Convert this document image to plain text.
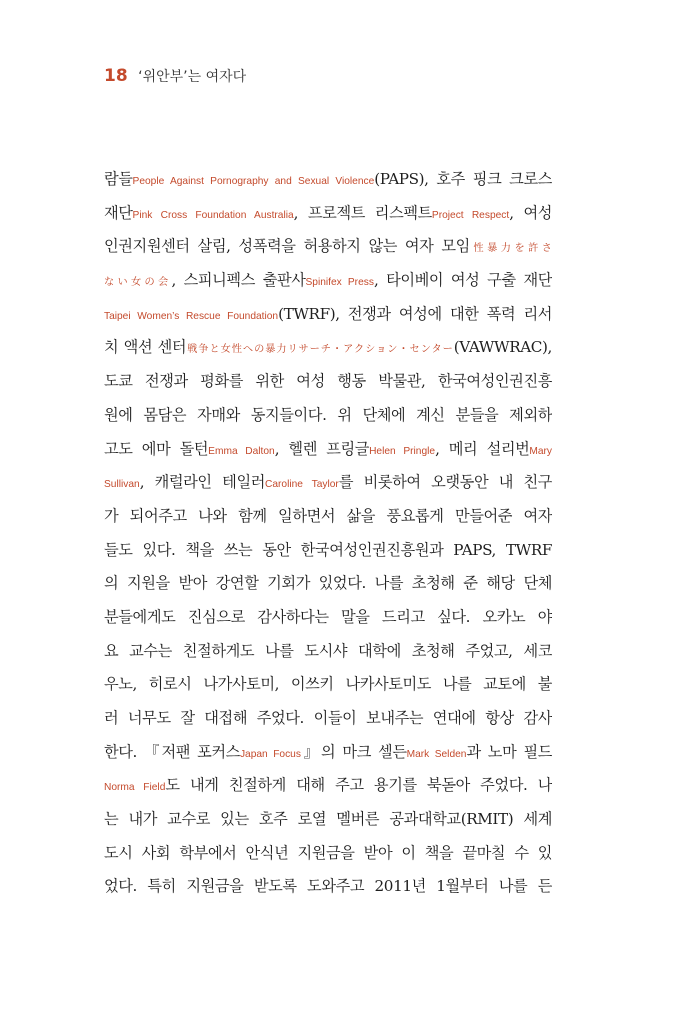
18 ‘위안부’는 여자다
람들People Against Pornography and Sexual Violence(PAPS), 호주 핑크 크로스
재단Pink Cross Foundation Australia, 프로젝트 리스펙트Project Respect, 여성
인권지원센터 살림, 성폭력을 허용하지 않는 여자 모임性暴力を許さ
ない女の会, 스피니펙스 출판사Spinifex Press, 타이베이 여성 구출 재단
Taipei Women’s Rescue Foundation(TWRF), 전쟁과 여성에 대한 폭력 리서
치 액션 센터戦争と女性への暴力リサーチ・アクション・センター(VAWWRAC),
도쿄 전쟁과 평화를 위한 여성 행동 박물관, 한국여성인권진흥
원에 몸담은 자매와 동지들이다. 위 단체에 계신 분들을 제외하
고도 에마 돌턴Emma Dalton, 헬렌 프링글Helen Pringle, 메리 설리번Mary
Sullivan, 캐럴라인 테일러Caroline Taylor를 비롯하여 오랫동안 내 친구
가 되어주고 나와 함께 일하면서 삶을 풍요롭게 만들어준 여자
들도 있다. 책을 쓰는 동안 한국여성인권진흥원과 PAPS, TWRF
의 지원을 받아 강연할 기회가 있었다. 나를 초청해 준 해당 단체
분들에게도 진심으로 감사하다는 말을 드리고 싶다. 오카노 야
요 교수는 친절하게도 나를 도시샤 대학에 초청해 주었고, 세코
우노, 히로시 나가사토미, 이쓰키 나카사토미도 나를 교토에 불
러 너무도 잘 대접해 주었다. 이들이 보내주는 연대에 항상 감사
한다. 『저팬 포커스Japan Focus』의 마크 셀든Mark Selden과 노마 필드
Norma Field도 내게 친절하게 대해 주고 용기를 북돋아 주었다. 나
는 내가 교수로 있는 호주 로열 멜버른 공과대학교(RMIT) 세계
도시 사회 학부에서 안식년 지원금을 받아 이 책을 끝마칠 수 있
었다. 특히 지원금을 받도록 도와주고 2011년 1월부터 나를 든
